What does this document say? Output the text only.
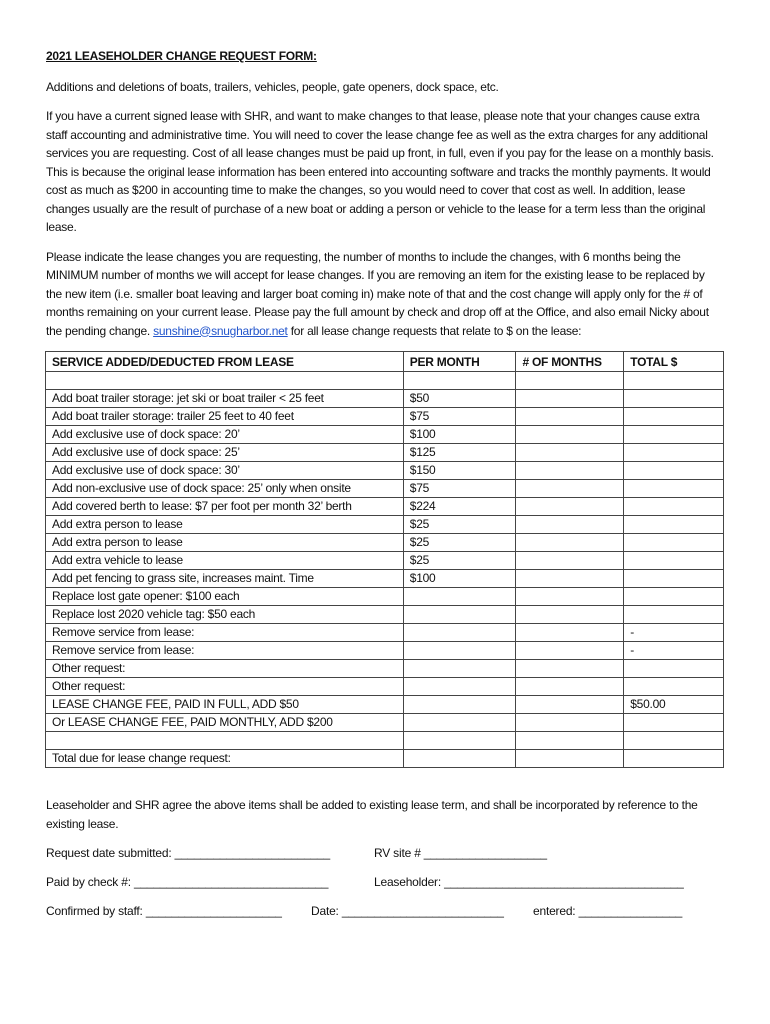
2021 LEASEHOLDER CHANGE REQUEST FORM:

Additions and deletions of boats, trailers, vehicles, people, gate openers, dock space, etc.

If you have a current signed lease with SHR, and want to make changes to that lease, please note that your changes cause extra staff accounting and administrative time. You will need to cover the lease change fee as well as the extra charges for any additional services you are requesting. Cost of all lease changes must be paid up front, in full, even if you pay for the lease on a monthly basis. This is because the original lease information has been entered into accounting software and tracks the monthly payments. It would cost as much as $200 in accounting time to make the changes, so you would need to cover that cost as well. In addition, lease changes usually are the result of purchase of a new boat or adding a person or vehicle to the lease for a term less than the original lease.

Please indicate the lease changes you are requesting, the number of months to include the changes, with 6 months being the MINIMUM number of months we will accept for lease changes. If you are removing an item for the existing lease to be replaced by the new item (i.e. smaller boat leaving and larger boat coming in) make note of that and the cost change will apply only for the # of months remaining on your current lease. Please pay the full amount by check and drop off at the Office, and also email Nicky about the pending change. sunshine@snugharbor.net for all lease change requests that relate to $ on the lease:

SERVICE ADDED/DEDUCTED FROM LEASE	PER MONTH	# OF MONTHS	TOTAL $

Add boat trailer storage: jet ski or boat trailer < 25 feet	$50		
Add boat trailer storage: trailer 25 feet to 40 feet	$75		
Add exclusive use of dock space: 20’	$100		
Add exclusive use of dock space: 25’	$125		
Add exclusive use of dock space: 30’	$150		
Add non-exclusive use of dock space: 25’ only when onsite	$75		
Add covered berth to lease: $7 per foot per month 32’ berth	$224		
Add extra person to lease	$25		
Add extra person to lease	$25		
Add extra vehicle to lease	$25		
Add pet fencing to grass site, increases maint. Time	$100		
Replace lost gate opener: $100 each			
Replace lost 2020 vehicle tag: $50 each			
Remove service from lease:			-
Remove service from lease:			-
Other request:			
Other request:			
LEASE CHANGE FEE, PAID IN FULL, ADD $50			$50.00
Or LEASE CHANGE FEE, PAID MONTHLY, ADD $200			

Total due for lease change request:			

Leaseholder and SHR agree the above items shall be added to existing lease term, and shall be incorporated by reference to the existing lease.

Request date submitted: ________________________	RV site # ___________________
Paid by check #: ______________________________	Leaseholder: _____________________________________
Confirmed by staff: _____________________	Date: _________________________	entered: ________________
